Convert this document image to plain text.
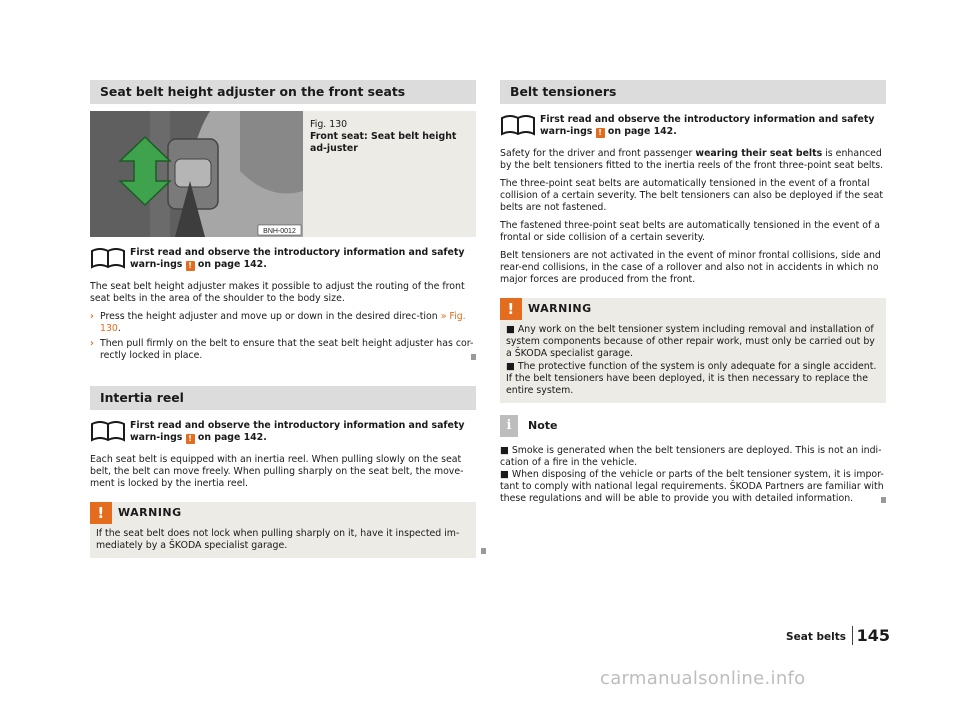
Seat belt height adjuster on the front seats
BNH-0012
Fig. 130
Front seat: Seat belt height ad-juster
First read and observe the introductory information and safety warn-ings ! on page 142.
The seat belt height adjuster makes it possible to adjust the routing of the front seat belts in the area of the shoulder to the body size.
› Press the height adjuster and move up or down in the desired direc-tion » Fig. 130.
› Then pull firmly on the belt to ensure that the seat belt height adjuster has cor-rectly locked in place.
Intertia reel
First read and observe the introductory information and safety warn-ings ! on page 142.
Each seat belt is equipped with an inertia reel. When pulling slowly on the seat belt, the belt can move freely. When pulling sharply on the seat belt, the move-ment is locked by the inertia reel.
!	WARNING
If the seat belt does not lock when pulling sharply on it, have it inspected im-mediately by a ŠKODA specialist garage.
Belt tensioners
First read and observe the introductory information and safety warn-ings ! on page 142.
Safety for the driver and front passenger wearing their seat belts is enhanced by the belt tensioners fitted to the inertia reels of the front three-point seat belts.
The three-point seat belts are automatically tensioned in the event of a frontal collision of a certain severity. The belt tensioners can also be deployed if the seat belts are not fastened.
The fastened three-point seat belts are automatically tensioned in the event of a frontal or side collision of a certain severity.
Belt tensioners are not activated in the event of minor frontal collisions, side and rear-end collisions, in the case of a rollover and also not in accidents in which no major forces are produced from the front.
!	WARNING
■ Any work on the belt tensioner system including removal and installation of system components because of other repair work, must only be carried out by a ŠKODA specialist garage.
■ The protective function of the system is only adequate for a single accident. If the belt tensioners have been deployed, it is then necessary to replace the entire system.
i	Note
■ Smoke is generated when the belt tensioners are deployed. This is not an indi-cation of a fire in the vehicle.
■ When disposing of the vehicle or parts of the belt tensioner system, it is impor-tant to comply with national legal requirements. ŠKODA Partners are familiar with these regulations and will be able to provide you with detailed information.
Seat belts 145
carmanualsonline.info
